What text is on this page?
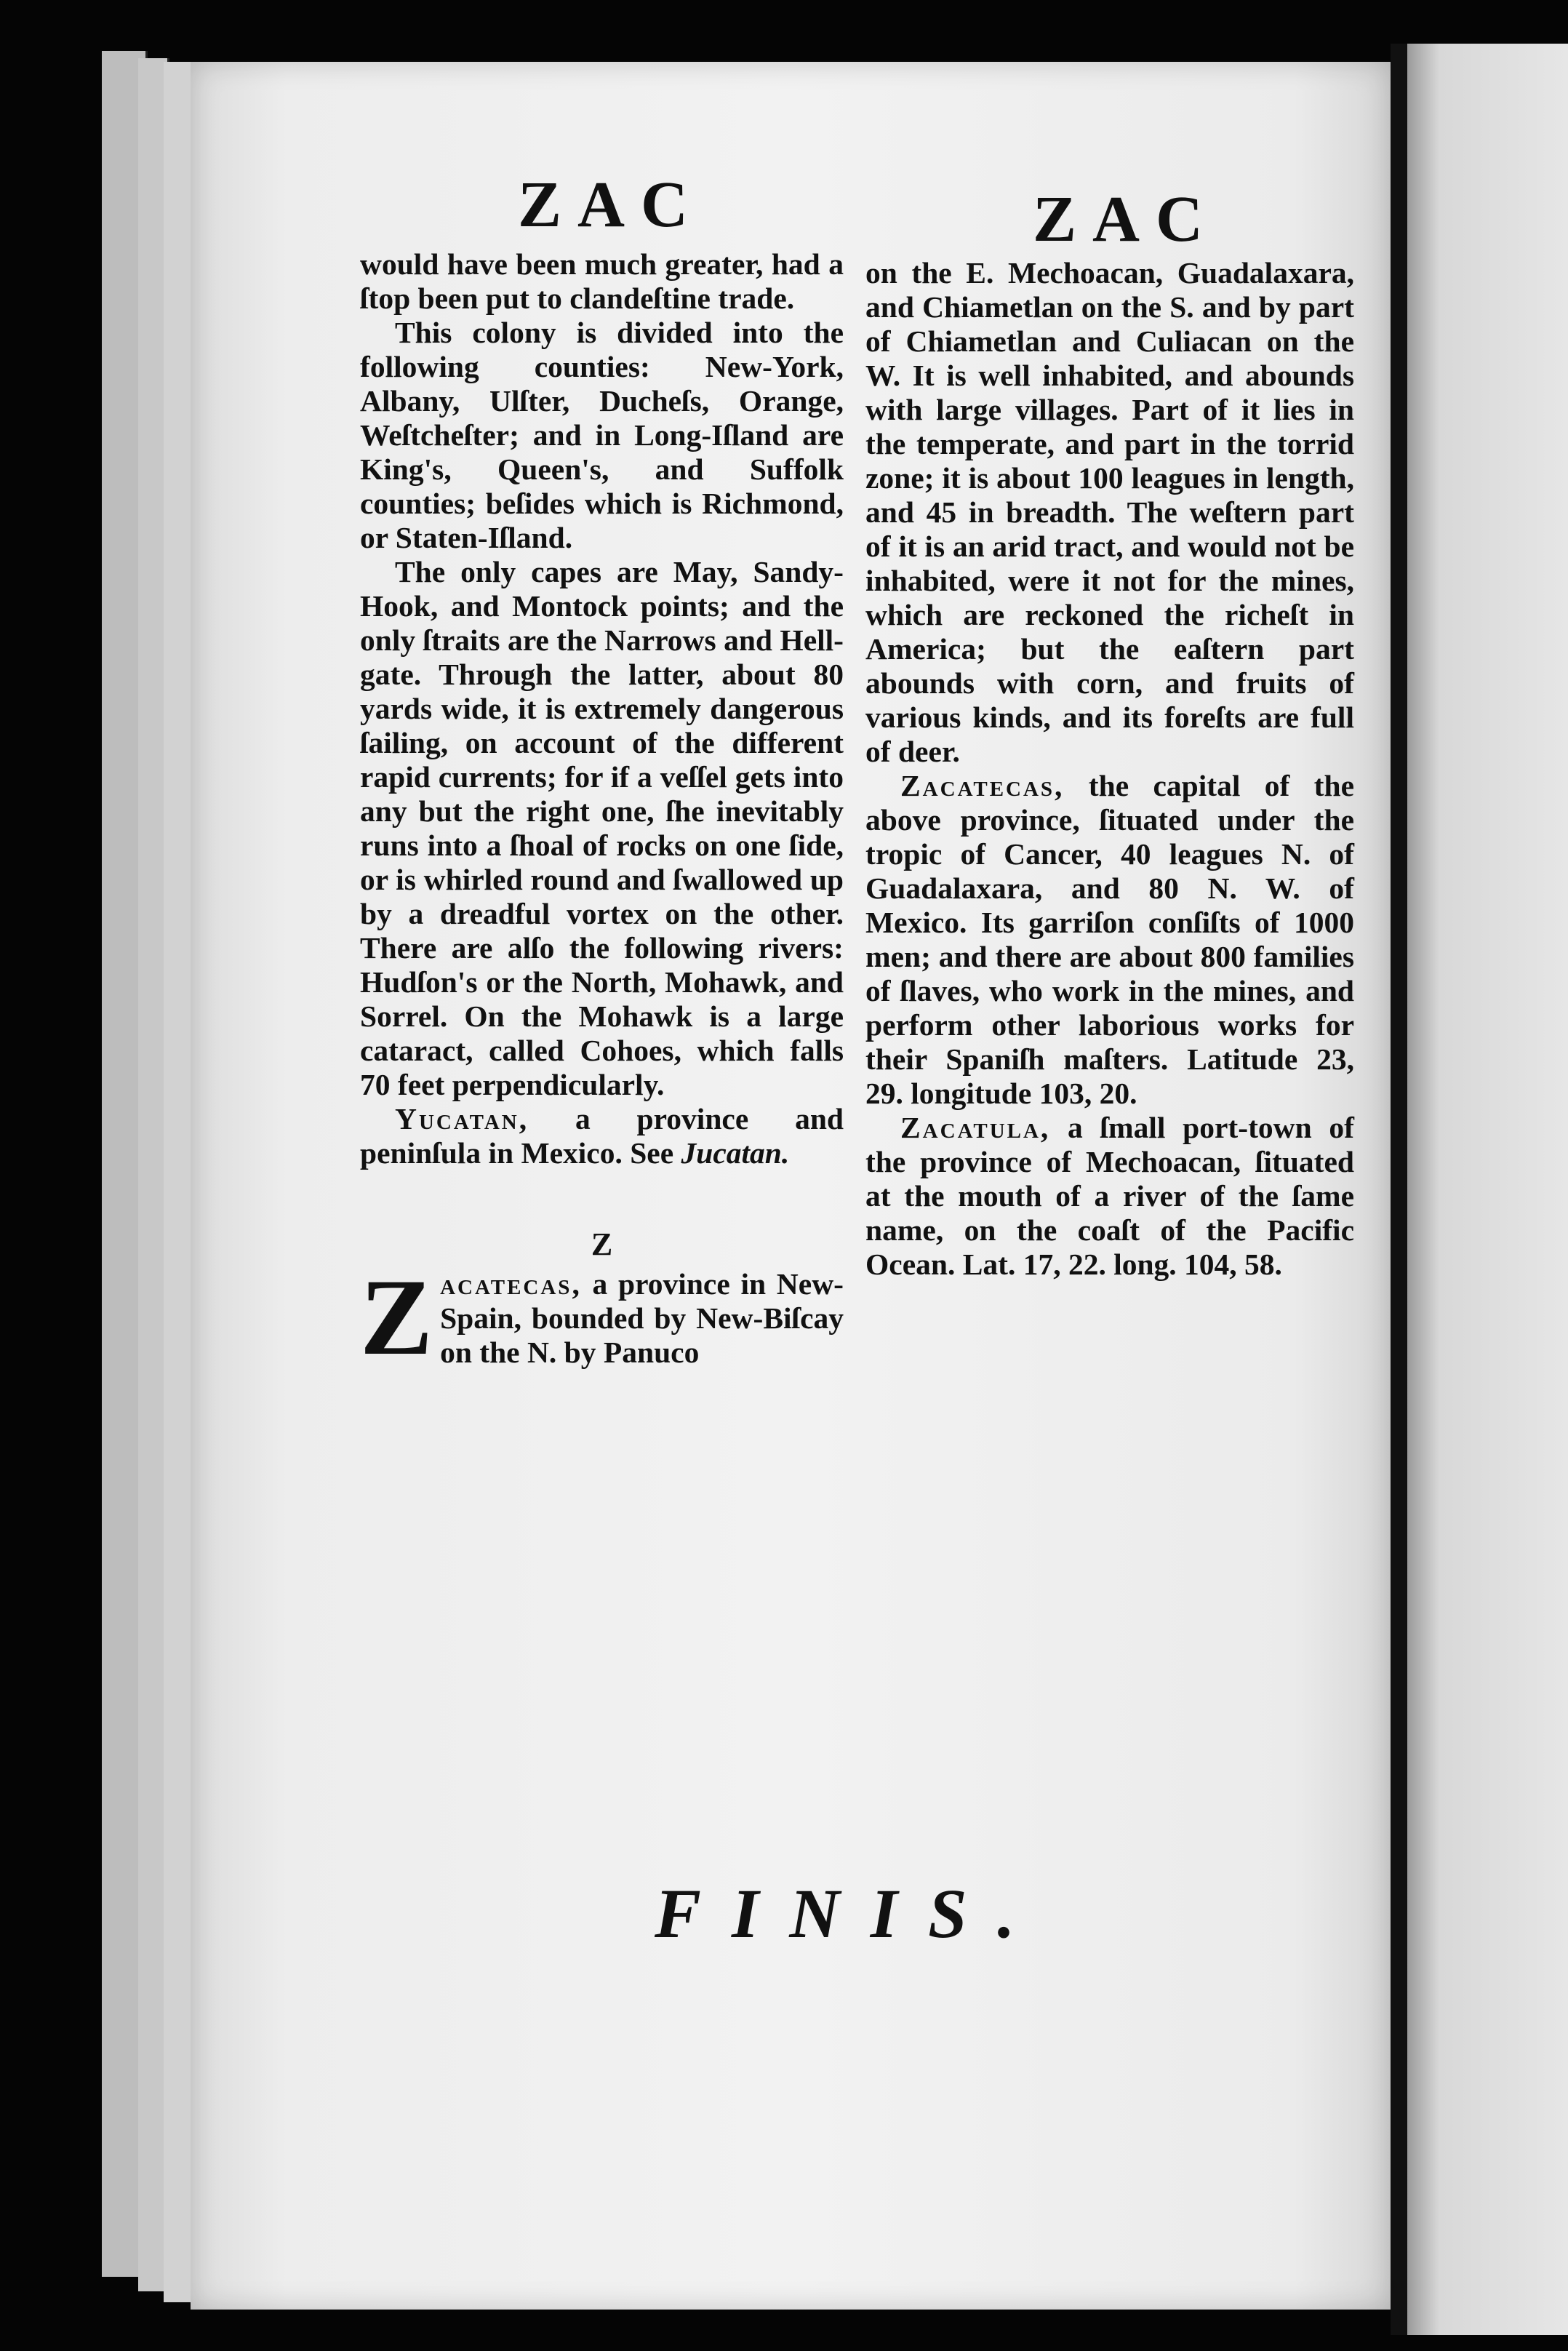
ZAC	ZAC

would have been much greater, had a ſtop been put to clandeſtine trade.

This colony is divided into the following counties: New-York, Albany, Ulſter, Ducheſs, Orange, Weſtcheſter; and in Long-Iſland are King's, Queen's, and Suffolk counties; beſides which is Richmond, or Staten-Iſland.

The only capes are May, Sandy-Hook, and Montock points; and the only ſtraits are the Narrows and Hell-gate. Through the latter, about 80 yards wide, it is extremely dangerous ſailing, on account of the different rapid currents; for if a veſſel gets into any but the right one, ſhe inevitably runs into a ſhoal of rocks on one ſide, or is whirled round and ſwallowed up by a dreadful vortex on the other. There are alſo the following rivers: Hudſon's or the North, Mohawk, and Sorrel. On the Mohawk is a large cataract, called Cohoes, which falls 70 feet perpendicularly.

Yucatan, a province and peninſula in Mexico. See Jucatan.

Z

Zacatecas, a province in New-Spain, bounded by New-Biſcay on the N. by Panuco

on the E. Mechoacan, Guadalaxara, and Chiametlan on the S. and by part of Chiametlan and Culiacan on the W. It is well inhabited, and abounds with large villages. Part of it lies in the temperate, and part in the torrid zone; it is about 100 leagues in length, and 45 in breadth. The weſtern part of it is an arid tract, and would not be inhabited, were it not for the mines, which are reckoned the richeſt in America; but the eaſtern part abounds with corn, and fruits of various kinds, and its foreſts are full of deer.

Zacatecas, the capital of the above province, ſituated under the tropic of Cancer, 40 leagues N. of Guadalaxara, and 80 N. W. of Mexico. Its garriſon conſiſts of 1000 men; and there are about 800 families of ſlaves, who work in the mines, and perform other laborious works for their Spaniſh maſters. Latitude 23, 29. longitude 103, 20.

Zacatula, a ſmall port-town of the province of Mechoacan, ſituated at the mouth of a river of the ſame name, on the coaſt of the Pacific Ocean. Lat. 17, 22. long. 104, 58.

FINIS.
